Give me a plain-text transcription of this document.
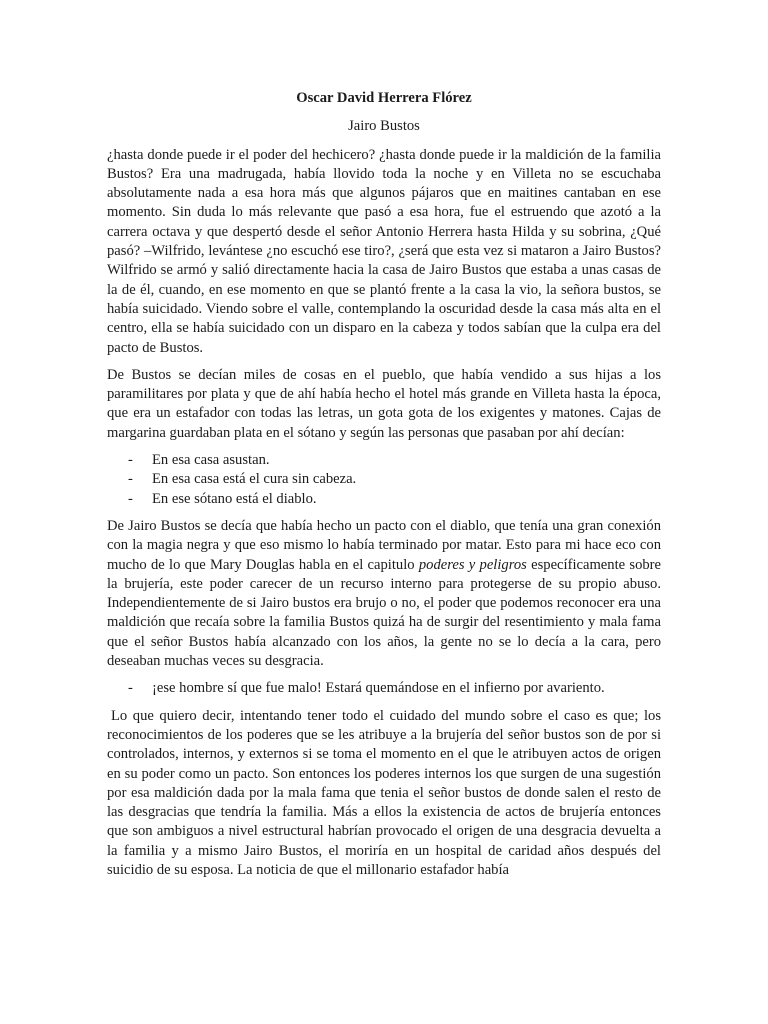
Oscar David Herrera Flórez

Jairo Bustos

¿hasta donde puede ir el poder del hechicero? ¿hasta donde puede ir la maldición de la familia Bustos? Era una madrugada, había llovido toda la noche y en Villeta no se escuchaba absolutamente nada a esa hora más que algunos pájaros que en maitines cantaban en ese momento. Sin duda lo más relevante que pasó a esa hora, fue el estruendo que azotó a la carrera octava y que despertó desde el señor Antonio Herrera hasta Hilda y su sobrina, ¿Qué pasó? –Wilfrido, levántese ¿no escuchó ese tiro?, ¿será que esta vez si mataron a Jairo Bustos? Wilfrido se armó y salió directamente hacia la casa de Jairo Bustos que estaba a unas casas de la de él, cuando, en ese momento en que se plantó frente a la casa la vio, la señora bustos, se había suicidado. Viendo sobre el valle, contemplando la oscuridad desde la casa más alta en el centro, ella se había suicidado con un disparo en la cabeza y todos sabían que la culpa era del pacto de Bustos.

De Bustos se decían miles de cosas en el pueblo, que había vendido a sus hijas a los paramilitares por plata y que de ahí había hecho el hotel más grande en Villeta hasta la época, que era un estafador con todas las letras, un gota gota de los exigentes y matones. Cajas de margarina guardaban plata en el sótano y según las personas que pasaban por ahí decían:

- En esa casa asustan.
- En esa casa está el cura sin cabeza.
- En ese sótano está el diablo.

De Jairo Bustos se decía que había hecho un pacto con el diablo, que tenía una gran conexión con la magia negra y que eso mismo lo había terminado por matar. Esto para mi hace eco con mucho de lo que Mary Douglas habla en el capitulo poderes y peligros específicamente sobre la brujería, este poder carecer de un recurso interno para protegerse de su propio abuso. Independientemente de si Jairo bustos era brujo o no, el poder que podemos reconocer era una maldición que recaía sobre la familia Bustos quizá ha de surgir del resentimiento y mala fama que el señor Bustos había alcanzado con los años, la gente no se lo decía a la cara, pero deseaban muchas veces su desgracia.

- ¡ese hombre sí que fue malo! Estará quemándose en el infierno por avariento.

Lo que quiero decir, intentando tener todo el cuidado del mundo sobre el caso es que; los reconocimientos de los poderes que se les atribuye a la brujería del señor bustos son de por si controlados, internos, y externos si se toma el momento en el que le atribuyen actos de origen en su poder como un pacto. Son entonces los poderes internos los que surgen de una sugestión por esa maldición dada por la mala fama que tenia el señor bustos de donde salen el resto de las desgracias que tendría la familia. Más a ellos la existencia de actos de brujería entonces que son ambiguos a nivel estructural habrían provocado el origen de una desgracia devuelta a la familia y a mismo Jairo Bustos, el moriría en un hospital de caridad años después del suicidio de su esposa. La noticia de que el millonario estafador había
